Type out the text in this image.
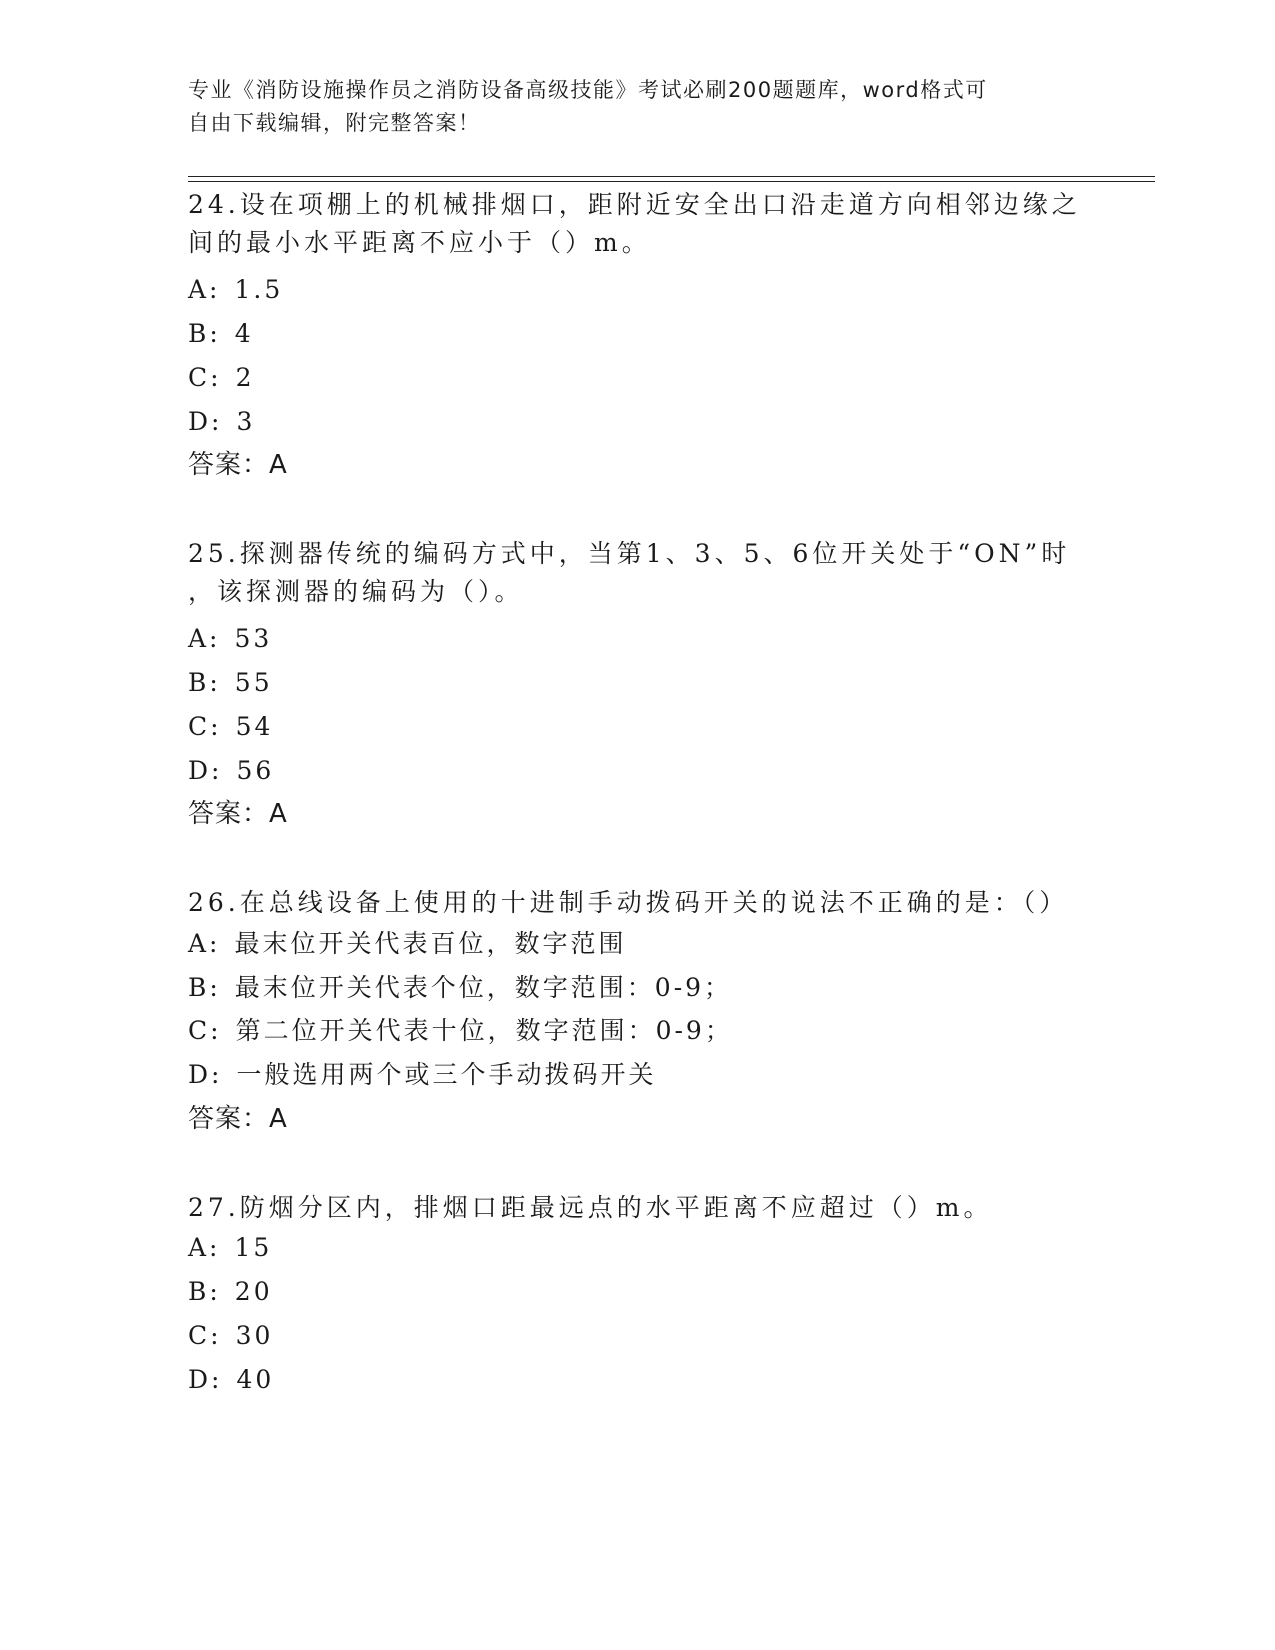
专业《消防设施操作员之消防设备高级技能》考试必刷200题题库，word格式可
自由下载编辑，附完整答案！
24.设在项棚上的机械排烟口，距附近安全出口沿走道方向相邻边缘之
间的最小水平距离不应小于（）m。
A: 1.5
B: 4
C: 2
D: 3
答案：A
25.探测器传统的编码方式中，当第1、3、5、6位开关处于“ON”时
，该探测器的编码为（）。
A: 53
B: 55
C: 54
D: 56
答案：A
26.在总线设备上使用的十进制手动拨码开关的说法不正确的是：（）
A: 最末位开关代表百位，数字范围
B: 最末位开关代表个位，数字范围：0-9；
C: 第二位开关代表十位，数字范围：0-9；
D: 一般选用两个或三个手动拨码开关
答案：A
27.防烟分区内，排烟口距最远点的水平距离不应超过（）m。
A: 15
B: 20
C: 30
D: 40
